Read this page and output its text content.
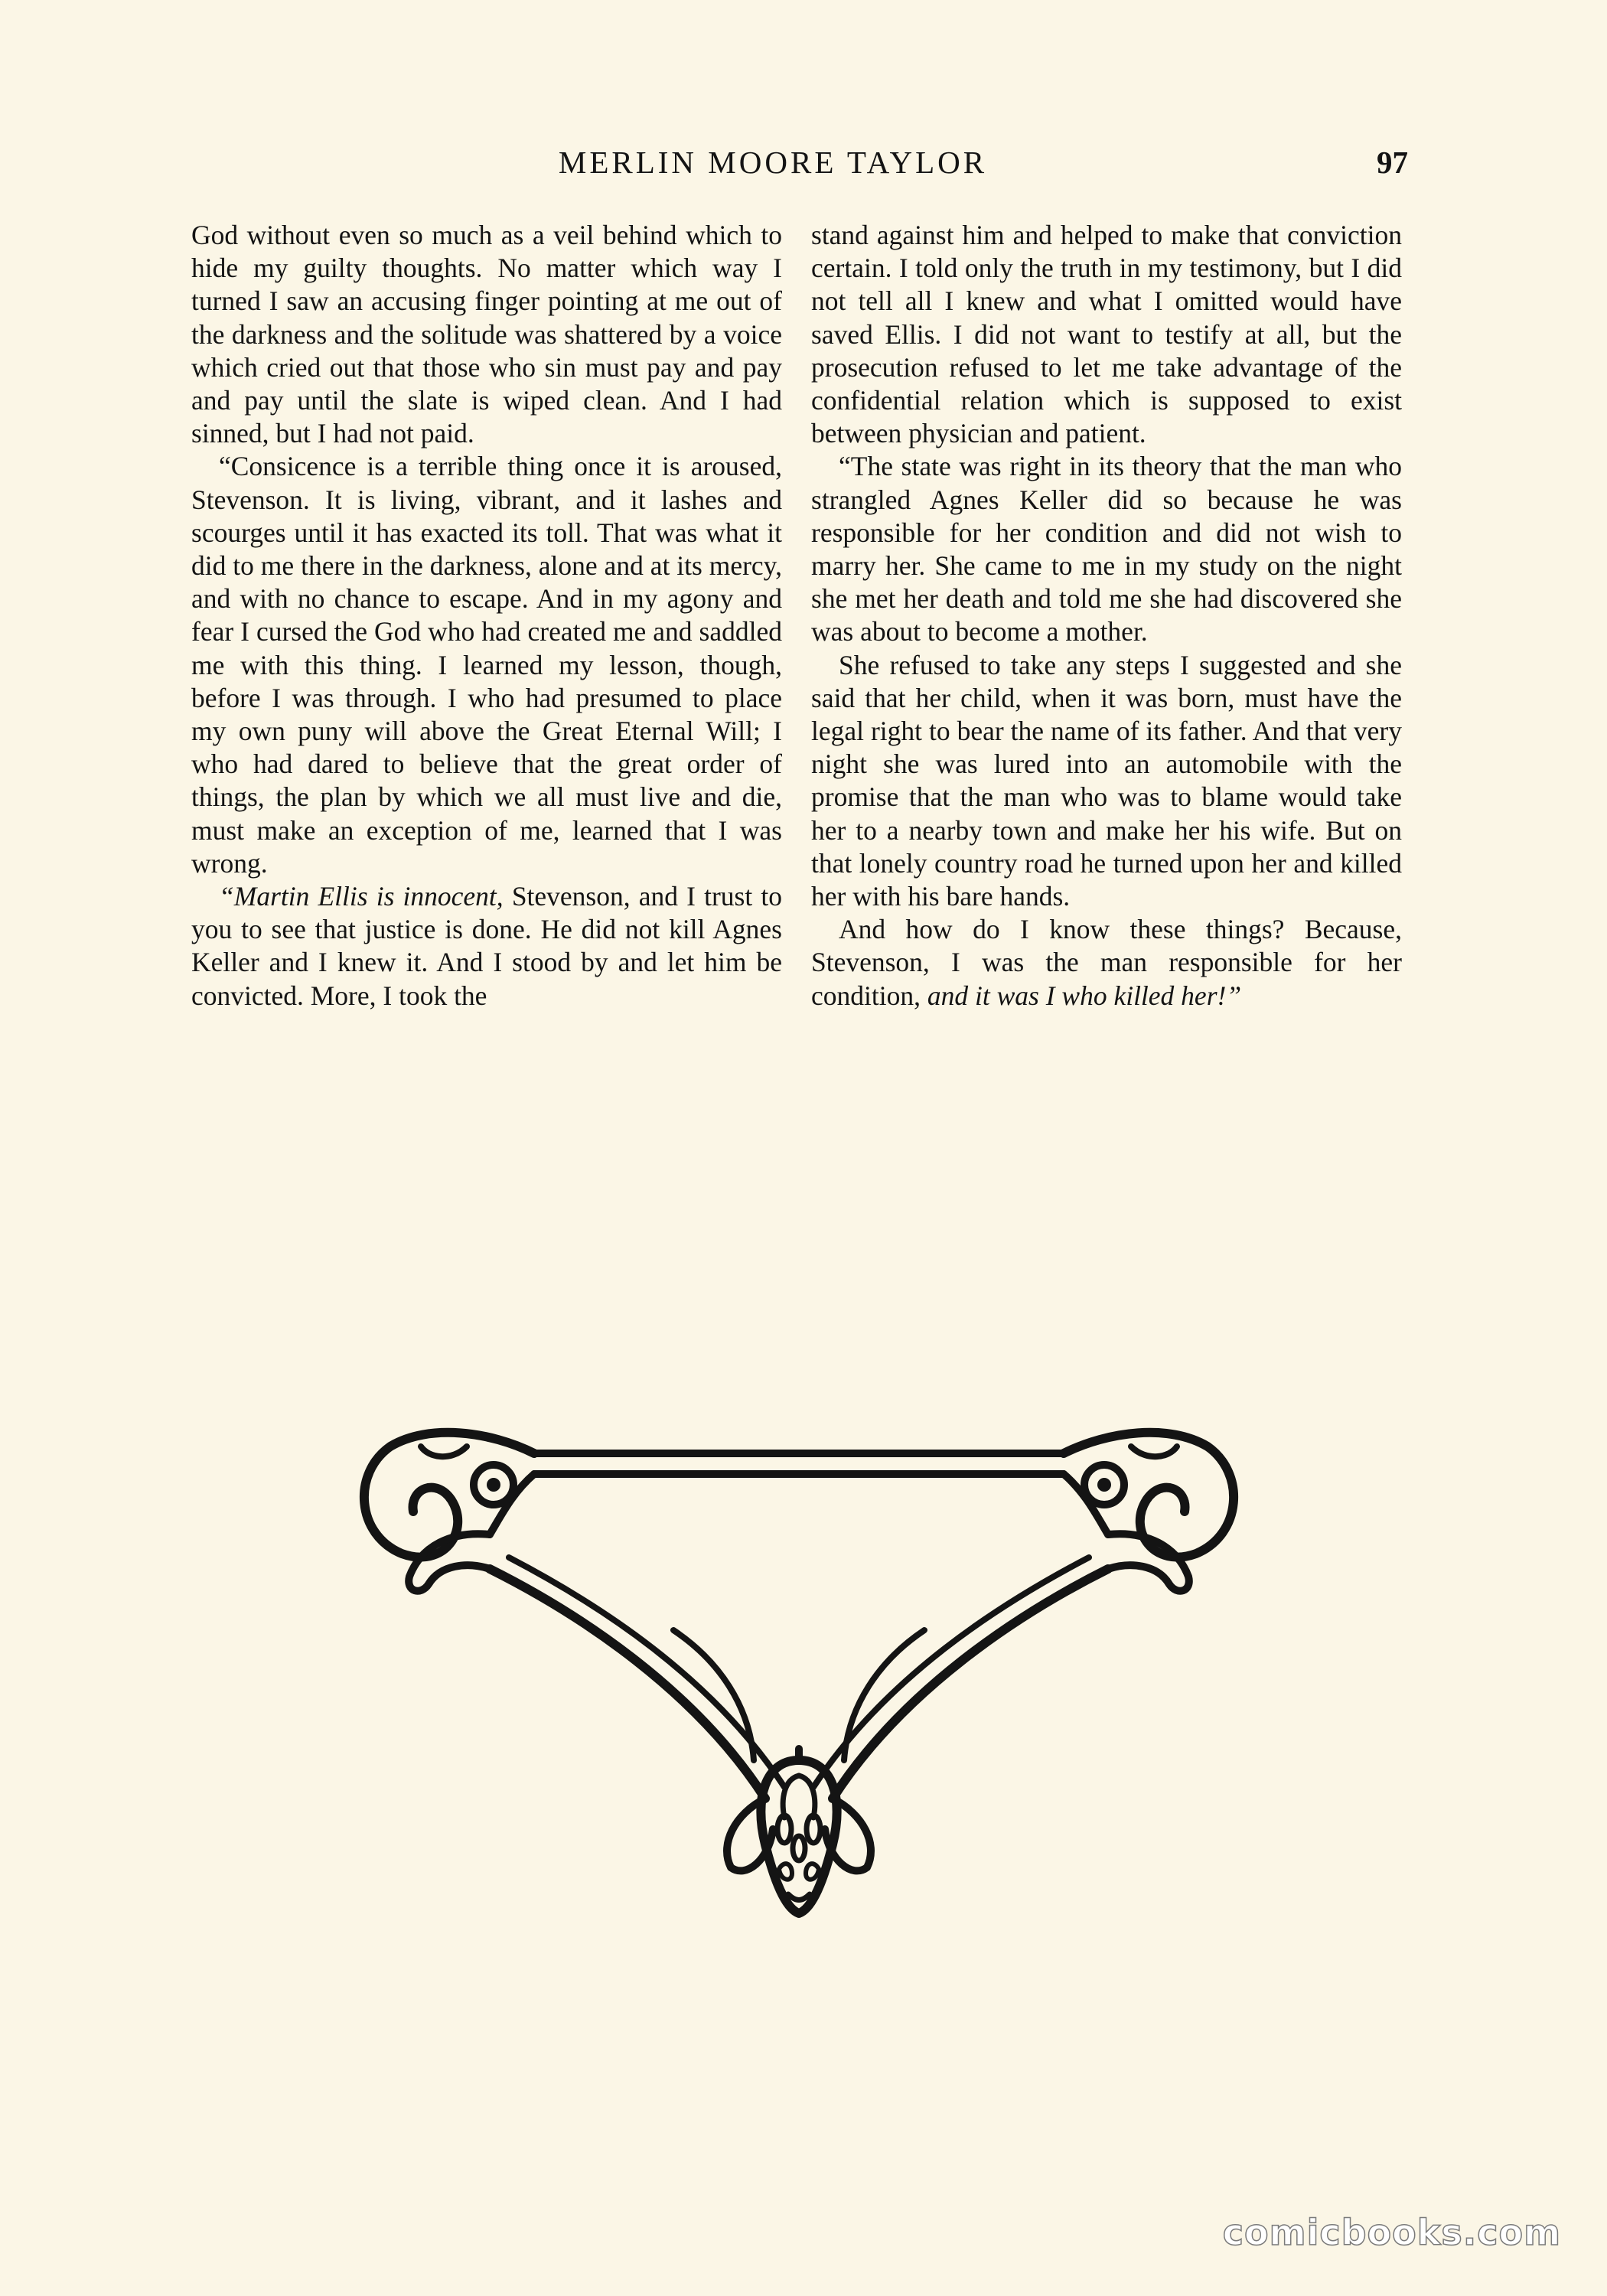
MERLIN MOORE TAYLOR	97

God without even so much as a veil behind which to hide my guilty thoughts. No matter which way I turned I saw an accusing finger pointing at me out of the darkness and the solitude was shattered by a voice which cried out that those who sin must pay and pay and pay until the slate is wiped clean. And I had sinned, but I had not paid.

“Consicence is a terrible thing once it is aroused, Stevenson. It is living, vibrant, and it lashes and scourges until it has exacted its toll. That was what it did to me there in the darkness, alone and at its mercy, and with no chance to escape. And in my agony and fear I cursed the God who had created me and saddled me with this thing. I learned my lesson, though, before I was through. I who had presumed to place my own puny will above the Great Eternal Will; I who had dared to believe that the great order of things, the plan by which we all must live and die, must make an exception of me, learned that I was wrong.

“Martin Ellis is innocent, Stevenson, and I trust to you to see that justice is done. He did not kill Agnes Keller and I knew it. And I stood by and let him be convicted. More, I took the

stand against him and helped to make that conviction certain. I told only the truth in my testimony, but I did not tell all I knew and what I omitted would have saved Ellis. I did not want to testify at all, but the prosecution refused to let me take advantage of the confidential relation which is supposed to exist between physician and patient.

“The state was right in its theory that the man who strangled Agnes Keller did so because he was responsible for her condition and did not wish to marry her. She came to me in my study on the night she met her death and told me she had discovered she was about to become a mother.

She refused to take any steps I suggested and she said that her child, when it was born, must have the legal right to bear the name of its father. And that very night she was lured into an automobile with the promise that the man who was to blame would take her to a nearby town and make her his wife. But on that lonely country road he turned upon her and killed her with his bare hands.

And how do I know these things? Because, Stevenson, I was the man responsible for her condition, and it was I who killed her!”

comicbooks.com
